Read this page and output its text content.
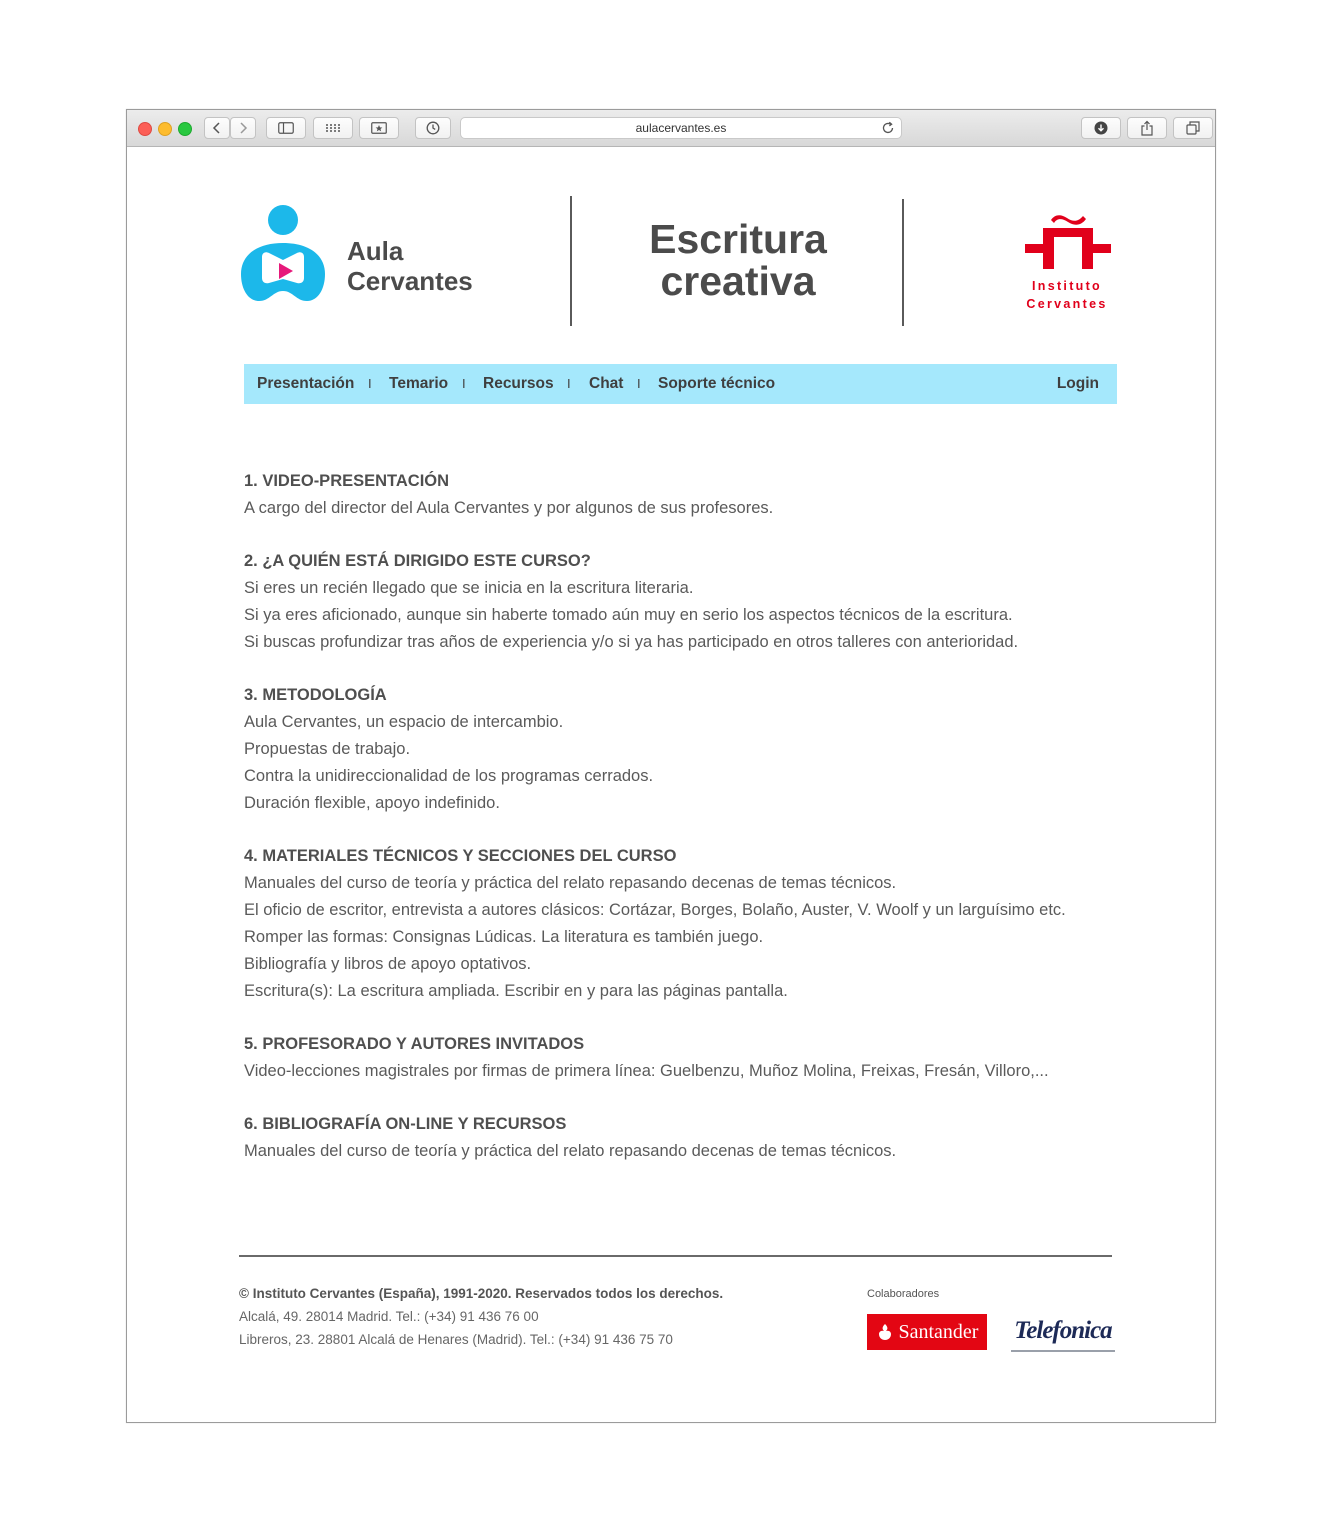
aulacervantes.es
Aula
Cervantes
Escritura
creativa	Instituto
Cervantes
Presentación I Temario I Recursos I Chat I Soporte técnico	Login
1. VIDEO-PRESENTACIÓN

A cargo del director del Aula Cervantes y por algunos de sus profesores.

2. ¿A QUIÉN ESTÁ DIRIGIDO ESTE CURSO?

Si eres un recién llegado que se inicia en la escritura literaria.

Si ya eres aficionado, aunque sin haberte tomado aún muy en serio los aspectos técnicos de la escritura.

Si buscas profundizar tras años de experiencia y/o si ya has participado en otros talleres con anterioridad.

3. METODOLOGÍA

Aula Cervantes, un espacio de intercambio.

Propuestas de trabajo.

Contra la unidireccionalidad de los programas cerrados.

Duración flexible, apoyo indefinido.

4. MATERIALES TÉCNICOS Y SECCIONES DEL CURSO

Manuales del curso de teoría y práctica del relato repasando decenas de temas técnicos.

El oficio de escritor, entrevista a autores clásicos: Cortázar, Borges, Bolaño, Auster, V. Woolf y un larguísimo etc.

Romper las formas: Consignas Lúdicas. La literatura es también juego.

Bibliografía y libros de apoyo optativos.

Escritura(s): La escritura ampliada. Escribir en y para las páginas pantalla.

5. PROFESORADO Y AUTORES INVITADOS

Video-lecciones magistrales por firmas de primera línea: Guelbenzu, Muñoz Molina, Freixas, Fresán, Villoro,...

6. BIBLIOGRAFÍA ON-LINE Y RECURSOS

Manuales del curso de teoría y práctica del relato repasando decenas de temas técnicos.

© Instituto Cervantes (España), 1991-2020. Reservados todos los derechos.
Alcalá, 49. 28014 Madrid. Tel.: (+34) 91 436 76 00
Libreros, 23. 28801 Alcalá de Henares (Madrid). Tel.: (+34) 91 436 75 70
Colaboradores
Santander Telefonica
